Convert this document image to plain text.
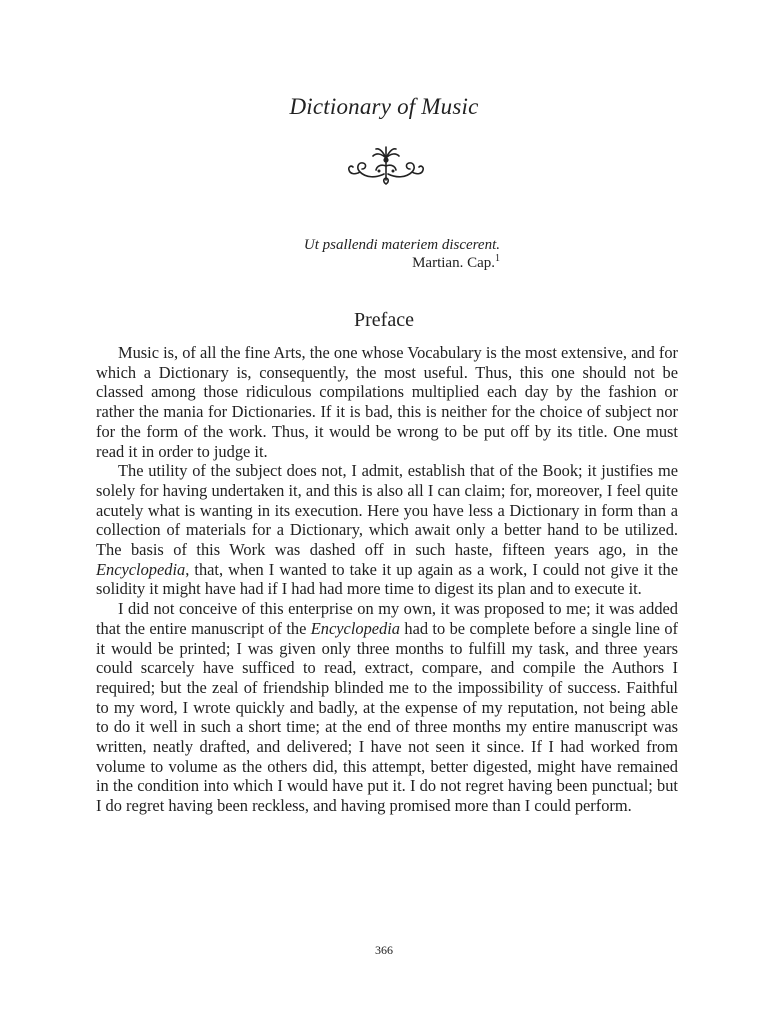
Dictionary of Music
Ut psallendi materiem discerent.
Martian. Cap.$^1$
Preface

Music is, of all the fine Arts, the one whose Vocabulary is the most extensive, and for which a Dictionary is, consequently, the most useful. Thus, this one should not be classed among those ridiculous compilations multiplied each day by the fashion or rather the mania for Dictionaries. If it is bad, this is neither for the choice of subject nor for the form of the work. Thus, it would be wrong to be put off by its title. One must read it in order to judge it.

The utility of the subject does not, I admit, establish that of the Book; it justifies me solely for having undertaken it, and this is also all I can claim; for, moreover, I feel quite acutely what is wanting in its execution. Here you have less a Dictionary in form than a collection of materials for a Dictionary, which await only a better hand to be utilized. The basis of this Work was dashed off in such haste, fifteen years ago, in the Encyclopedia, that, when I wanted to take it up again as a work, I could not give it the solidity it might have had if I had had more time to digest its plan and to execute it.

I did not conceive of this enterprise on my own, it was proposed to me; it was added that the entire manuscript of the Encyclopedia had to be complete before a single line of it would be printed; I was given only three months to fulfill my task, and three years could scarcely have sufficed to read, extract, compare, and compile the Authors I required; but the zeal of friendship blinded me to the impossibility of success. Faithful to my word, I wrote quickly and badly, at the expense of my reputation, not being able to do it well in such a short time; at the end of three months my entire manuscript was written, neatly drafted, and delivered; I have not seen it since. If I had worked from volume to volume as the others did, this attempt, better digested, might have remained in the condition into which I would have put it. I do not regret having been punctual; but I do regret having been reckless, and having promised more than I could perform.

366
